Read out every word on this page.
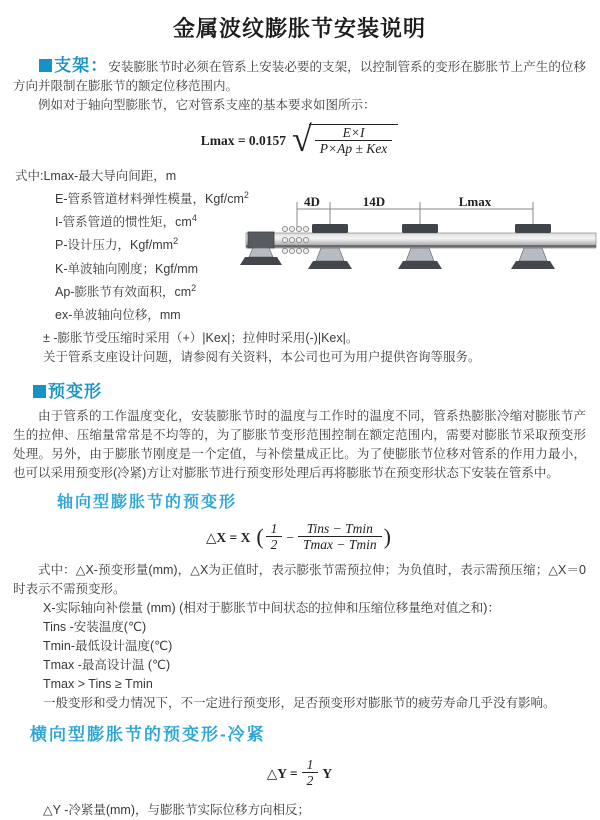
金属波纹膨胀节安装说明
支架：安装膨胀节时必须在管系上安装必要的支架，以控制管系的变形在膨胀节上产生的位移方向并限制在膨胀节的额定位移范围内。
例如对于轴向型膨胀节，它对管系支座的基本要求如图所示：
Lmax = 0.0157 √ $\frac{E\times I}{\text{P×Ap ± Kex}}$
式中:Lmax-最大导向间距，m
E-管系管道材料弹性模量，Kgf/$cm^2$
I-管系管道的惯性矩，$cm^4$
P-设计压力，Kgf/$mm^2$
K-单波轴向刚度；Kgf/mm
Ap-膨胀节有效面积，$cm^2$
ex-单波轴向位移，mm
± -膨胀节受压缩时采用（+）|Kex|；拉伸时采用(-)|Kex|。
关于管系支座设计问题，请参阅有关资料，本公司也可为用户提供咨询等服务。
预变形
由于管系的工作温度变化，安装膨胀节时的温度与工作时的温度不同，管系热膨胀冷缩对膨胀节产生的拉伸、压缩量常常是不均等的，为了膨胀节变形范围控制在额定范围内，需要对膨胀节采取预变形处理。另外，由于膨胀节刚度是一个定值，与补偿量成正比。为了使膨胀节位移对管系的作用力最小，也可以采用预变形(冷紧)方让对膨胀节进行预变形处理后再将膨胀节在预变形状态下安装在管系中。
轴向型膨胀节的预变形
△X = X ( $\frac{1}{2} - \frac{\text{Tins − Tmin}}{Tmax - Tmin}$ )
式中：△X-预变形量(mm)，△X为正值时，表示膨张节需预拉伸；为负值时，表示需预压缩；△X＝0时表示不需预变形。
X-实际轴向补偿量 (mm) (相对于膨胀节中间状态的拉伸和压缩位移量绝对值之和)：
Tins -安装温度(℃)
Tmin-最低设计温度(℃)
Tmax -最高设计温 (℃)
Tmax > Tins ≥ Tmin
一般变形和受力情况下，不一定进行预变形，足否预变形对膨胀节的疲劳寿命几乎没有影响。
横向型膨胀节的预变形-冷紧
△Y = $\frac{1}{2}$ Y
△Y -冷紧量(mm)，与膨胀节实际位移方向相反；
4D	14D	Lmax
